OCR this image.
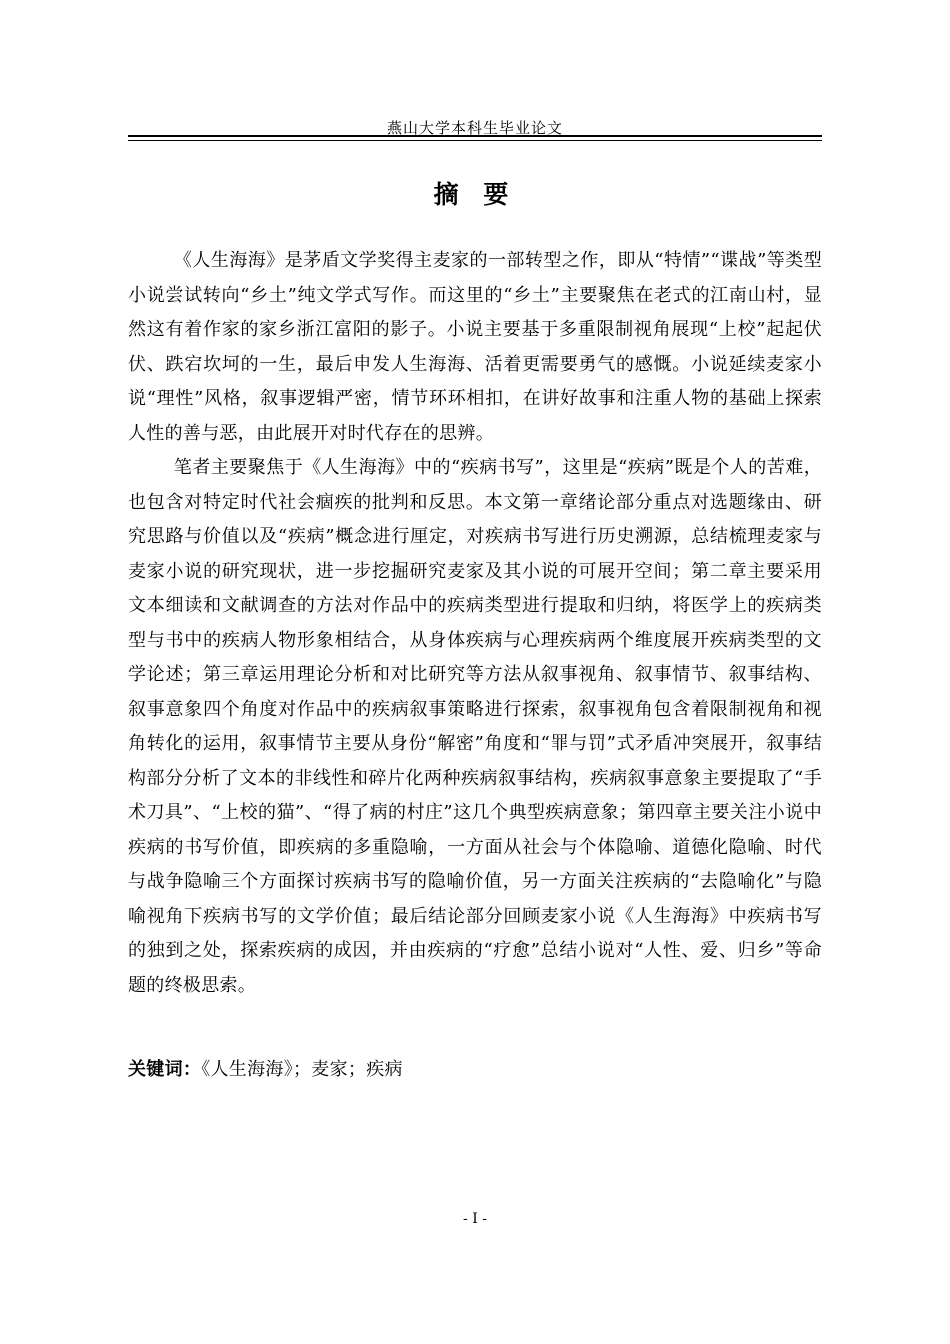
燕山大学本科生毕业论文
摘 要

《人生海海》是茅盾文学奖得主麦家的一部转型之作，即从“特情”“谍战”等类型小说尝试转向“乡土”纯文学式写作。而这里的“乡土”主要聚焦在老式的江南山村，显然这有着作家的家乡浙江富阳的影子。小说主要基于多重限制视角展现“上校”起起伏伏、跌宕坎坷的一生，最后申发人生海海、活着更需要勇气的感慨。小说延续麦家小说“理性”风格，叙事逻辑严密，情节环环相扣，在讲好故事和注重人物的基础上探索人性的善与恶，由此展开对时代存在的思辨。

笔者主要聚焦于《人生海海》中的“疾病书写”，这里是“疾病”既是个人的苦难，也包含对特定时代社会痼疾的批判和反思。本文第一章绪论部分重点对选题缘由、研究思路与价值以及“疾病”概念进行厘定，对疾病书写进行历史溯源，总结梳理麦家与麦家小说的研究现状，进一步挖掘研究麦家及其小说的可展开空间；第二章主要采用文本细读和文献调查的方法对作品中的疾病类型进行提取和归纳，将医学上的疾病类型与书中的疾病人物形象相结合，从身体疾病与心理疾病两个维度展开疾病类型的文学论述；第三章运用理论分析和对比研究等方法从叙事视角、叙事情节、叙事结构、叙事意象四个角度对作品中的疾病叙事策略进行探索，叙事视角包含着限制视角和视角转化的运用，叙事情节主要从身份“解密”角度和“罪与罚”式矛盾冲突展开，叙事结构部分分析了文本的非线性和碎片化两种疾病叙事结构，疾病叙事意象主要提取了“手术刀具”、“上校的猫”、“得了病的村庄”这几个典型疾病意象；第四章主要关注小说中疾病的书写价值，即疾病的多重隐喻，一方面从社会与个体隐喻、道德化隐喻、时代与战争隐喻三个方面探讨疾病书写的隐喻价值，另一方面关注疾病的“去隐喻化”与隐喻视角下疾病书写的文学价值；最后结论部分回顾麦家小说《人生海海》中疾病书写的独到之处，探索疾病的成因，并由疾病的“疗愈”总结小说对“人性、爱、归乡”等命题的终极思索。

关键词：《人生海海》；麦家；疾病

- I -
